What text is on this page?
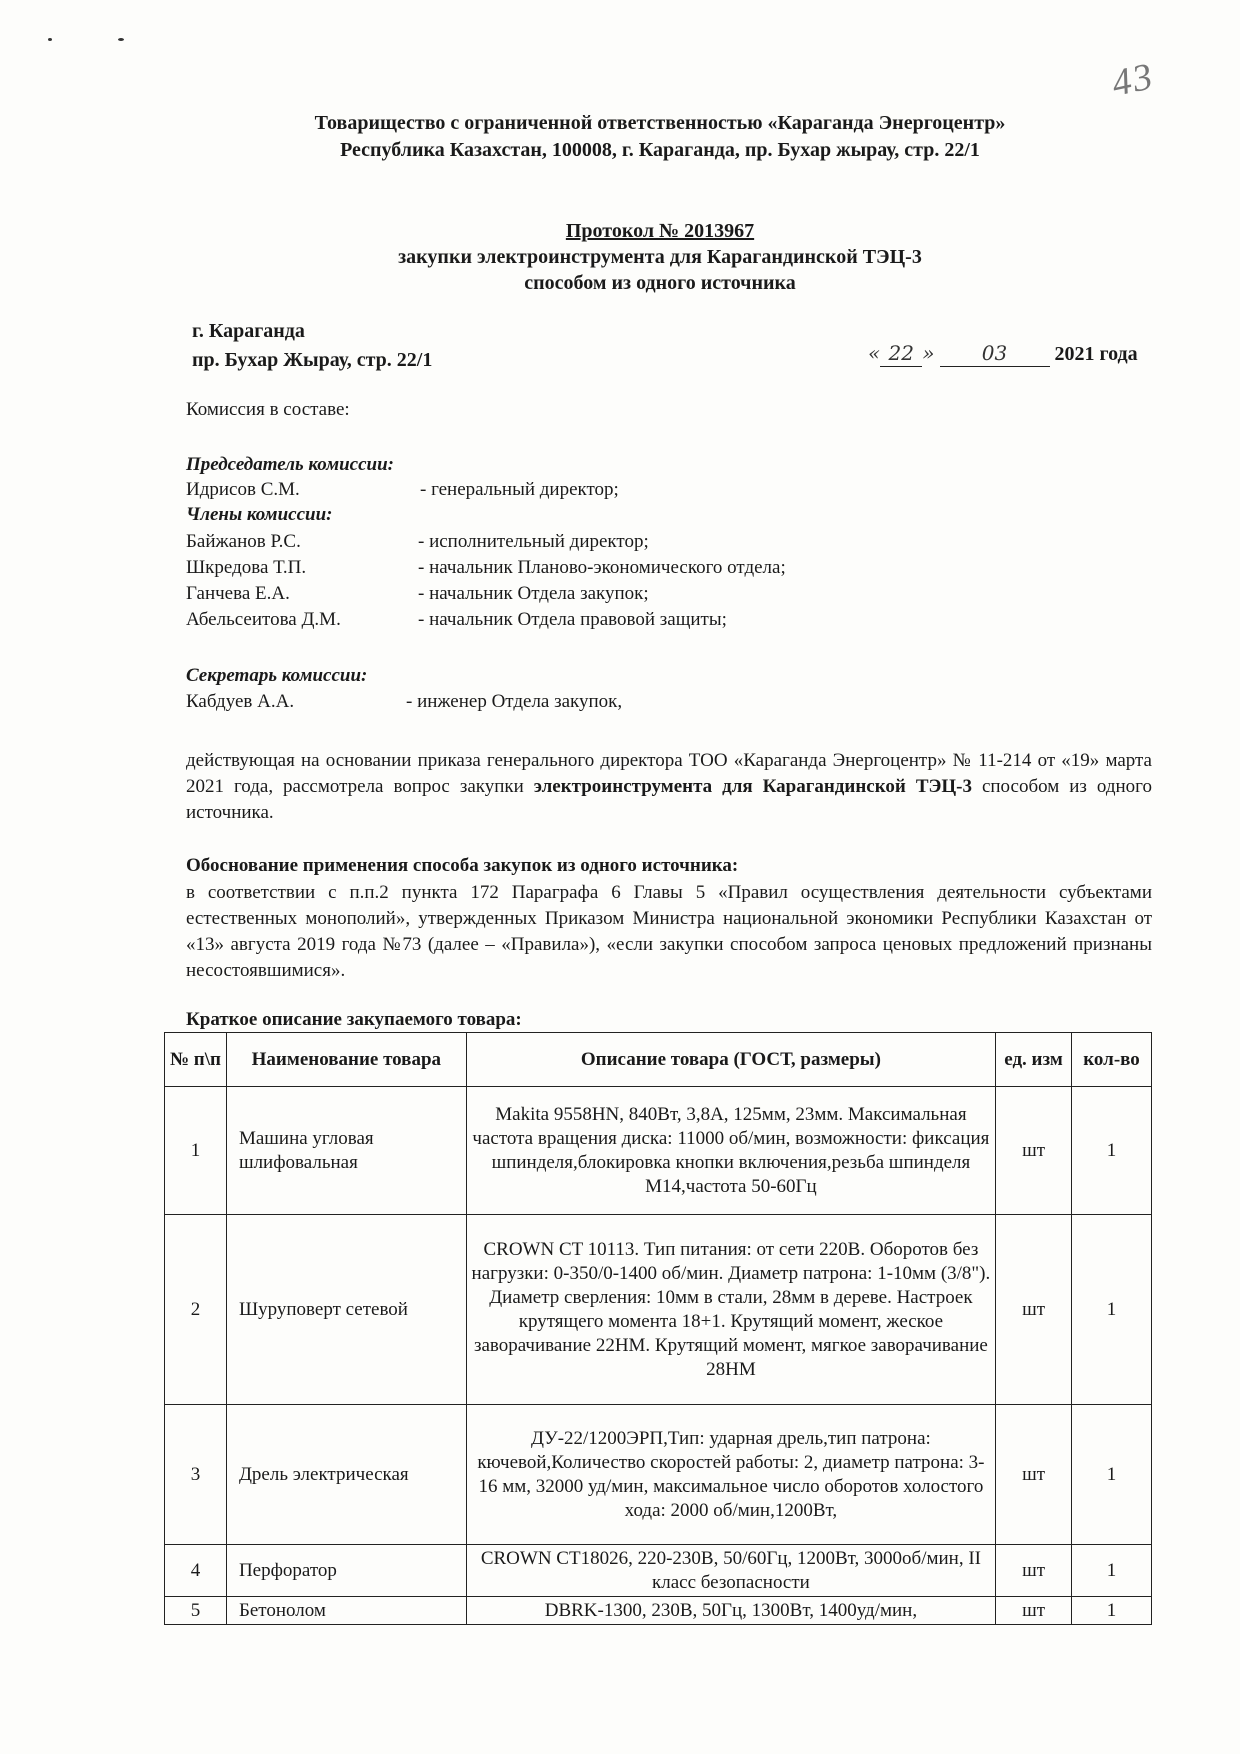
43
Товарищество с ограниченной ответственностью «Караганда Энергоцентр»
Республика Казахстан, 100008, г. Караганда, пр. Бухар жырау, стр. 22/1
Протокол № 2013967
закупки электроинструмента для Карагандинской ТЭЦ-3
способом из одного источника
г. Караганда
пр. Бухар Жырау, стр. 22/1	« 22 » 03 2021 года
Комиссия в составе:
Председатель комиссии:
Идрисов С.М.	- генеральный директор;
Члены комиссии:
Байжанов Р.С.	- исполнительный директор;
Шкредова Т.П.	- начальник Планово-экономического отдела;
Ганчева Е.А.	- начальник Отдела закупок;
Абельсеитова Д.М.	- начальник Отдела правовой защиты;
Секретарь комиссии:
Кабдуев А.А.	- инженер Отдела закупок,
действующая на основании приказа генерального директора ТОО «Караганда Энергоцентр» № 11-214 от «19» марта 2021 года, рассмотрела вопрос закупки электроинструмента для Карагандинской ТЭЦ-3 способом из одного источника.
Обоснование применения способа закупок из одного источника:
в соответствии с п.п.2 пункта 172 Параграфа 6 Главы 5 «Правил осуществления деятельности субъектами естественных монополий», утвержденных Приказом Министра национальной экономики Республики Казахстан от «13» августа 2019 года №73 (далее – «Правила»), «если закупки способом запроса ценовых предложений признаны несостоявшимися».
Краткое описание закупаемого товара:
№ п\п	Наименование товара	Описание товара (ГОСТ, размеры)	ед. изм	кол-во
1	Машина угловая шлифовальная	Makita 9558HN, 840Вт, 3,8А, 125мм, 23мм. Максимальная частота вращения диска: 11000 об/мин, возможности: фиксация шпинделя,блокировка кнопки включения,резьба шпинделя М14,частота 50-60Гц	шт	1
2	Шуруповерт сетевой	CROWN CT 10113. Тип питания: от сети 220В. Оборотов без нагрузки: 0-350/0-1400 об/мин. Диаметр патрона: 1-10мм (3/8"). Диаметр сверления: 10мм в стали, 28мм в дереве. Настроек крутящего момента 18+1. Крутящий момент, жеское заворачивание 22НМ. Крутящий момент, мягкое заворачивание 28НМ	шт	1
3	Дрель электрическая	ДУ-22/1200ЭРП,Тип: ударная дрель,тип патрона: кючевой,Количество скоростей работы: 2, диаметр патрона: 3-16 мм, 32000 уд/мин, максимальное число оборотов холостого хода: 2000 об/мин,1200Вт,	шт	1
4	Перфоратор	CROWN CT18026, 220-230В, 50/60Гц, 1200Вт, 3000об/мин, II класс безопасности	шт	1
5	Бетонолом	DBRK-1300, 230В, 50Гц, 1300Вт, 1400уд/мин,	шт	1
